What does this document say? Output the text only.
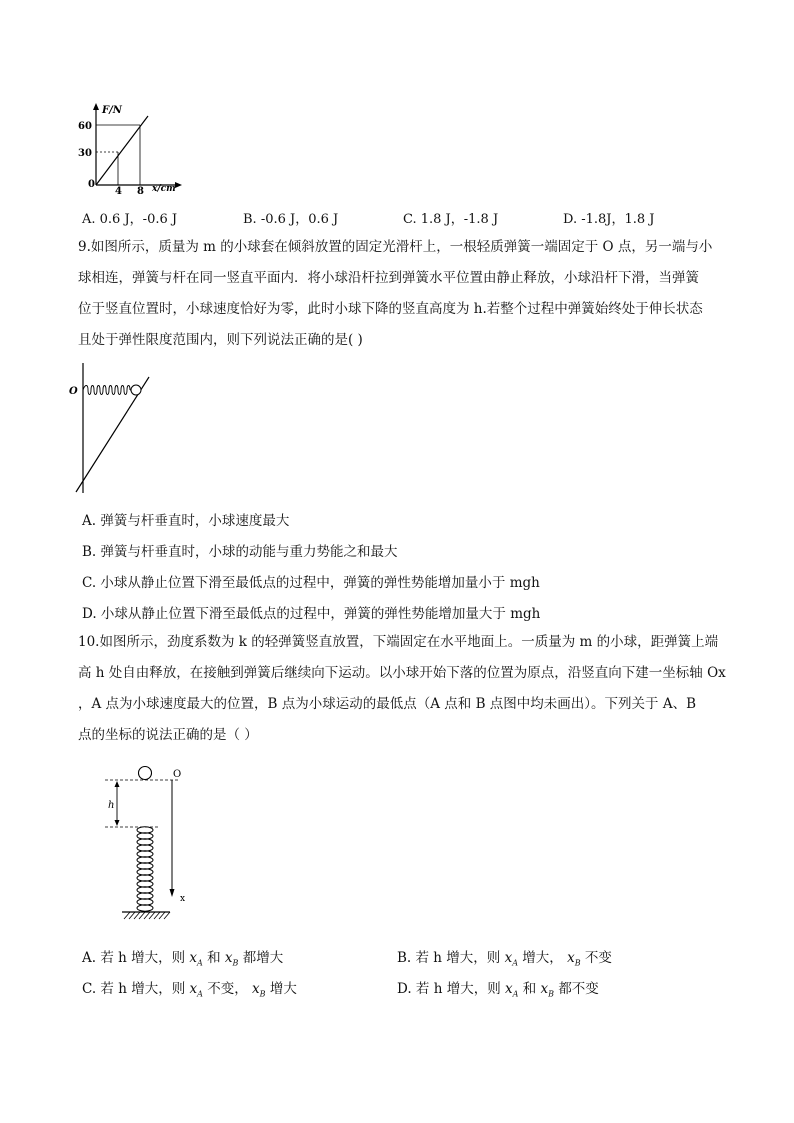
F/N
60
30
0
4 8 x/cm
A. 0.6 J，-0.6 J	B. -0.6 J，0.6 J	C. 1.8 J，-1.8 J	D. -1.8J，1.8 J
9.如图所示，质量为 m 的小球套在倾斜放置的固定光滑杆上，一根轻质弹簧一端固定于 O 点，另一端与小
球相连，弹簧与杆在同一竖直平面内．将小球沿杆拉到弹簧水平位置由静止释放，小球沿杆下滑，当弹簧
位于竖直位置时，小球速度恰好为零，此时小球下降的竖直高度为 h.若整个过程中弹簧始终处于伸长状态
且处于弹性限度范围内，则下列说法正确的是( )
O
A. 弹簧与杆垂直时，小球速度最大
B. 弹簧与杆垂直时，小球的动能与重力势能之和最大
C. 小球从静止位置下滑至最低点的过程中，弹簧的弹性势能增加量小于 mgh
D. 小球从静止位置下滑至最低点的过程中，弹簧的弹性势能增加量大于 mgh
10.如图所示，劲度系数为 k 的轻弹簧竖直放置，下端固定在水平地面上。一质量为 m 的小球，距弹簧上端
高 h 处自由释放，在接触到弹簧后继续向下运动。以小球开始下落的位置为原点，沿竖直向下建一坐标轴 Ox
，A 点为小球速度最大的位置，B 点为小球运动的最低点（A 点和 B 点图中均未画出）。下列关于 A、B
点的坐标的说法正确的是（ ）
h
O
x
A. 若 h 增大，则 $x_A$ 和 $x_B$ 都增大	B. 若 h 增大，则 $x_A$ 增大， $x_B$ 不变
C. 若 h 增大，则 $x_A$ 不变， $x_B$ 增大	D. 若 h 增大，则 $x_A$ 和 $x_B$ 都不变
